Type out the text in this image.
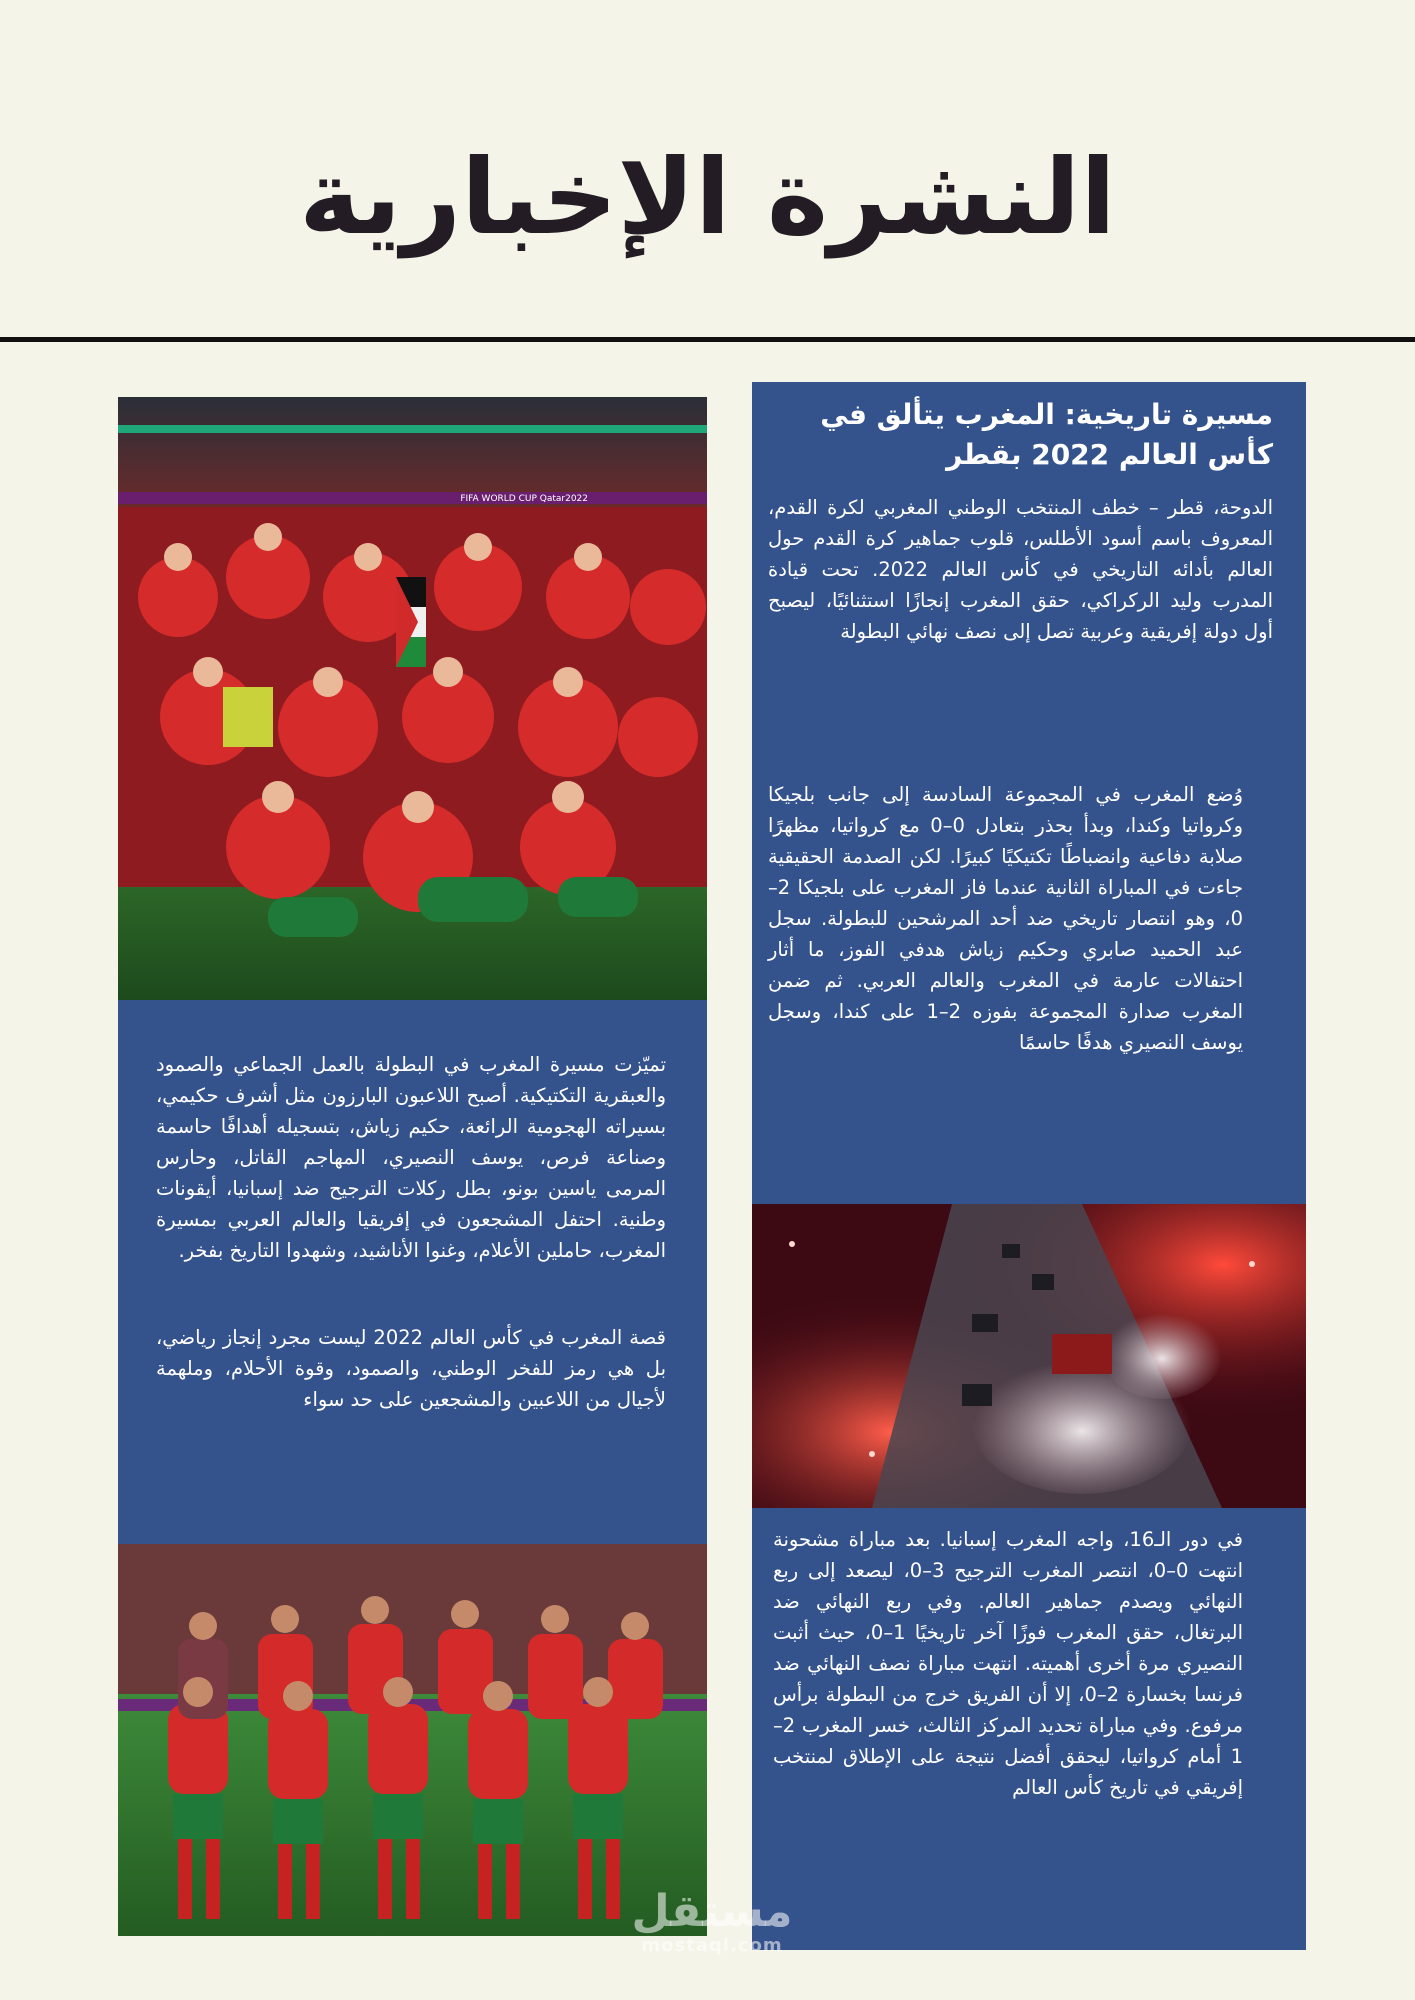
النشرة الإخبارية
مسيرة تاريخية: المغرب يتألق في كأس العالم 2022 بقطر
الدوحة، قطر – خطف المنتخب الوطني المغربي لكرة القدم، المعروف باسم أسود الأطلس، قلوب جماهير كرة القدم حول العالم بأدائه التاريخي في كأس العالم 2022. تحت قيادة المدرب وليد الركراكي، حقق المغرب إنجازًا استثنائيًا، ليصبح أول دولة إفريقية وعربية تصل إلى نصف نهائي البطولة
وُضع المغرب في المجموعة السادسة إلى جانب بلجيكا وكرواتيا وكندا، وبدأ بحذر بتعادل 0–0 مع كرواتيا، مظهرًا صلابة دفاعية وانضباطًا تكتيكيًا كبيرًا. لكن الصدمة الحقيقية جاءت في المباراة الثانية عندما فاز المغرب على بلجيكا 2–0، وهو انتصار تاريخي ضد أحد المرشحين للبطولة. سجل عبد الحميد صابري وحكيم زياش هدفي الفوز، ما أثار احتفالات عارمة في المغرب والعالم العربي. ثم ضمن المغرب صدارة المجموعة بفوزه 2–1 على كندا، وسجل يوسف النصيري هدفًا حاسمًا
في دور الـ16، واجه المغرب إسبانيا. بعد مباراة مشحونة انتهت 0–0، انتصر المغرب الترجيح 3–0، ليصعد إلى ربع النهائي ويصدم جماهير العالم. وفي ربع النهائي ضد البرتغال، حقق المغرب فوزًا آخر تاريخيًا 1–0، حيث أثبت النصيري مرة أخرى أهميته. انتهت مباراة نصف النهائي ضد فرنسا بخسارة 2–0، إلا أن الفريق خرج من البطولة برأس مرفوع. وفي مباراة تحديد المركز الثالث، خسر المغرب 2–1 أمام كرواتيا، ليحقق أفضل نتيجة على الإطلاق لمنتخب إفريقي في تاريخ كأس العالم
FIFA WORLD CUP Qatar2022
تميّزت مسيرة المغرب في البطولة بالعمل الجماعي والصمود والعبقرية التكتيكية. أصبح اللاعبون البارزون مثل أشرف حكيمي، بسيراته الهجومية الرائعة، حكيم زياش، بتسجيله أهدافًا حاسمة وصناعة فرص، يوسف النصيري، المهاجم القاتل، وحارس المرمى ياسين بونو، بطل ركلات الترجيح ضد إسبانيا، أيقونات وطنية. احتفل المشجعون في إفريقيا والعالم العربي بمسيرة المغرب، حاملين الأعلام، وغنوا الأناشيد، وشهدوا التاريخ بفخر.
قصة المغرب في كأس العالم 2022 ليست مجرد إنجاز رياضي، بل هي رمز للفخر الوطني، والصمود، وقوة الأحلام، وملهمة لأجيال من اللاعبين والمشجعين على حد سواء
مستقل
mostaql.com
